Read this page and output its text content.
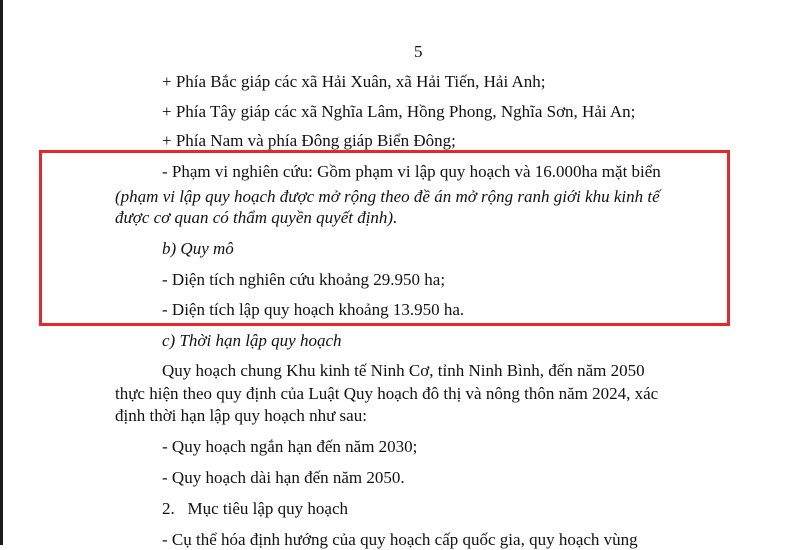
5
+ Phía Bắc giáp các xã Hải Xuân, xã Hải Tiến, Hải Anh;
+ Phía Tây giáp các xã Nghĩa Lâm, Hồng Phong, Nghĩa Sơn, Hải An;
+ Phía Nam và phía Đông giáp Biển Đông;
- Phạm vi nghiên cứu: Gồm phạm vi lập quy hoạch và 16.000ha mặt biển
(phạm vi lập quy hoạch được mở rộng theo đề án mở rộng ranh giới khu kinh tế
được cơ quan có thẩm quyền quyết định).
b) Quy mô
- Diện tích nghiên cứu khoảng 29.950 ha;
- Diện tích lập quy hoạch khoảng 13.950 ha.
c) Thời hạn lập quy hoạch
Quy hoạch chung Khu kinh tế Ninh Cơ, tỉnh Ninh Bình, đến năm 2050
thực hiện theo quy định của Luật Quy hoạch đô thị và nông thôn năm 2024, xác
định thời hạn lập quy hoạch như sau:
- Quy hoạch ngắn hạn đến năm 2030;
- Quy hoạch dài hạn đến năm 2050.
2.   Mục tiêu lập quy hoạch
- Cụ thể hóa định hướng của quy hoạch cấp quốc gia, quy hoạch vùng
